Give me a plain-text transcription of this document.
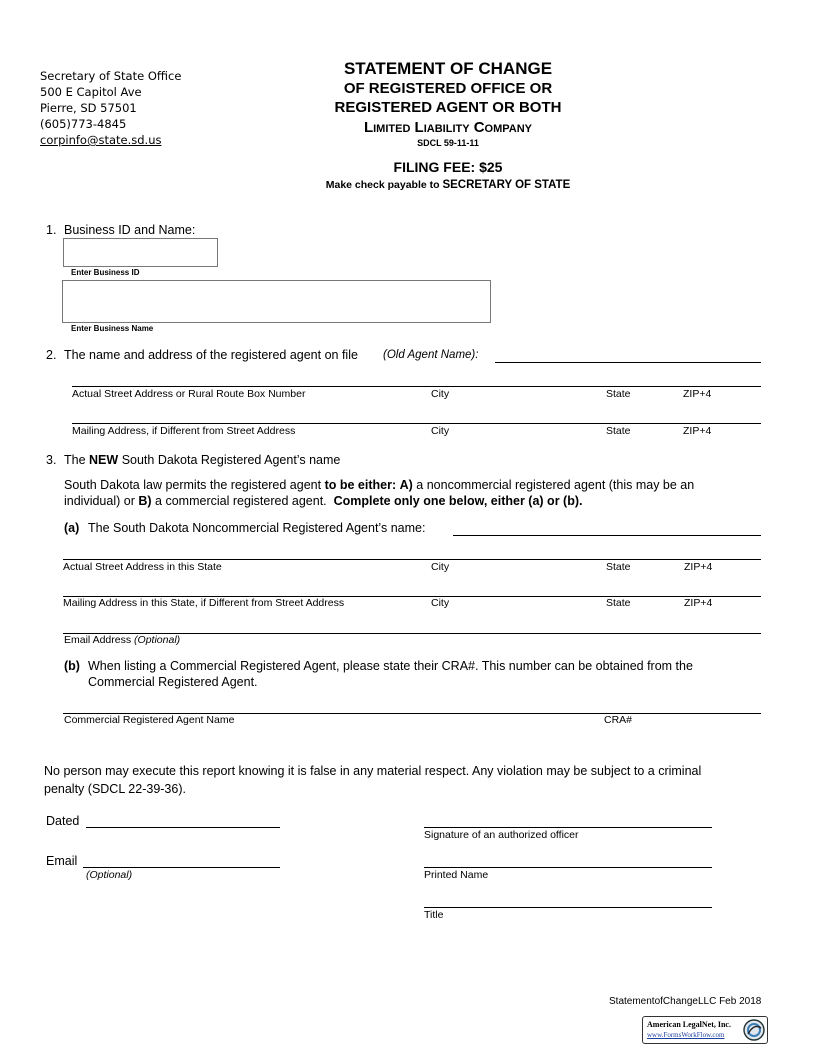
Secretary of State Office
500 E Capitol Ave
Pierre, SD 57501
(605)773-4845
corpinfo@state.sd.us
STATEMENT OF CHANGE
OF REGISTERED OFFICE OR
REGISTERED AGENT OR BOTH
Limited Liability Company
SDCL 59-11-11
FILING FEE: $25
Make check payable to SECRETARY OF STATE
1. Business ID and Name:
Enter Business ID
Enter Business Name
2. The name and address of the registered agent on file (Old Agent Name):
Actual Street Address or Rural Route Box Number	City	State	ZIP+4
Mailing Address, if Different from Street Address	City	State	ZIP+4
3. The NEW South Dakota Registered Agent’s name
South Dakota law permits the registered agent to be either: A) a noncommercial registered agent (this may be an
individual) or B) a commercial registered agent. Complete only one below, either (a) or (b).
(a) The South Dakota Noncommercial Registered Agent’s name:
Actual Street Address in this State	City	State	ZIP+4
Mailing Address in this State, if Different from Street Address	City	State	ZIP+4
Email Address (Optional)
(b) When listing a Commercial Registered Agent, please state their CRA#. This number can be obtained from the
Commercial Registered Agent.
Commercial Registered Agent Name	CRA#
No person may execute this report knowing it is false in any material respect. Any violation may be subject to a criminal
penalty (SDCL 22-39-36).
Dated
Signature of an authorized officer
Email
(Optional)	Printed Name
Title
StatementofChangeLLC Feb 2018
American LegalNet, Inc.
www.FormsWorkFlow.com
